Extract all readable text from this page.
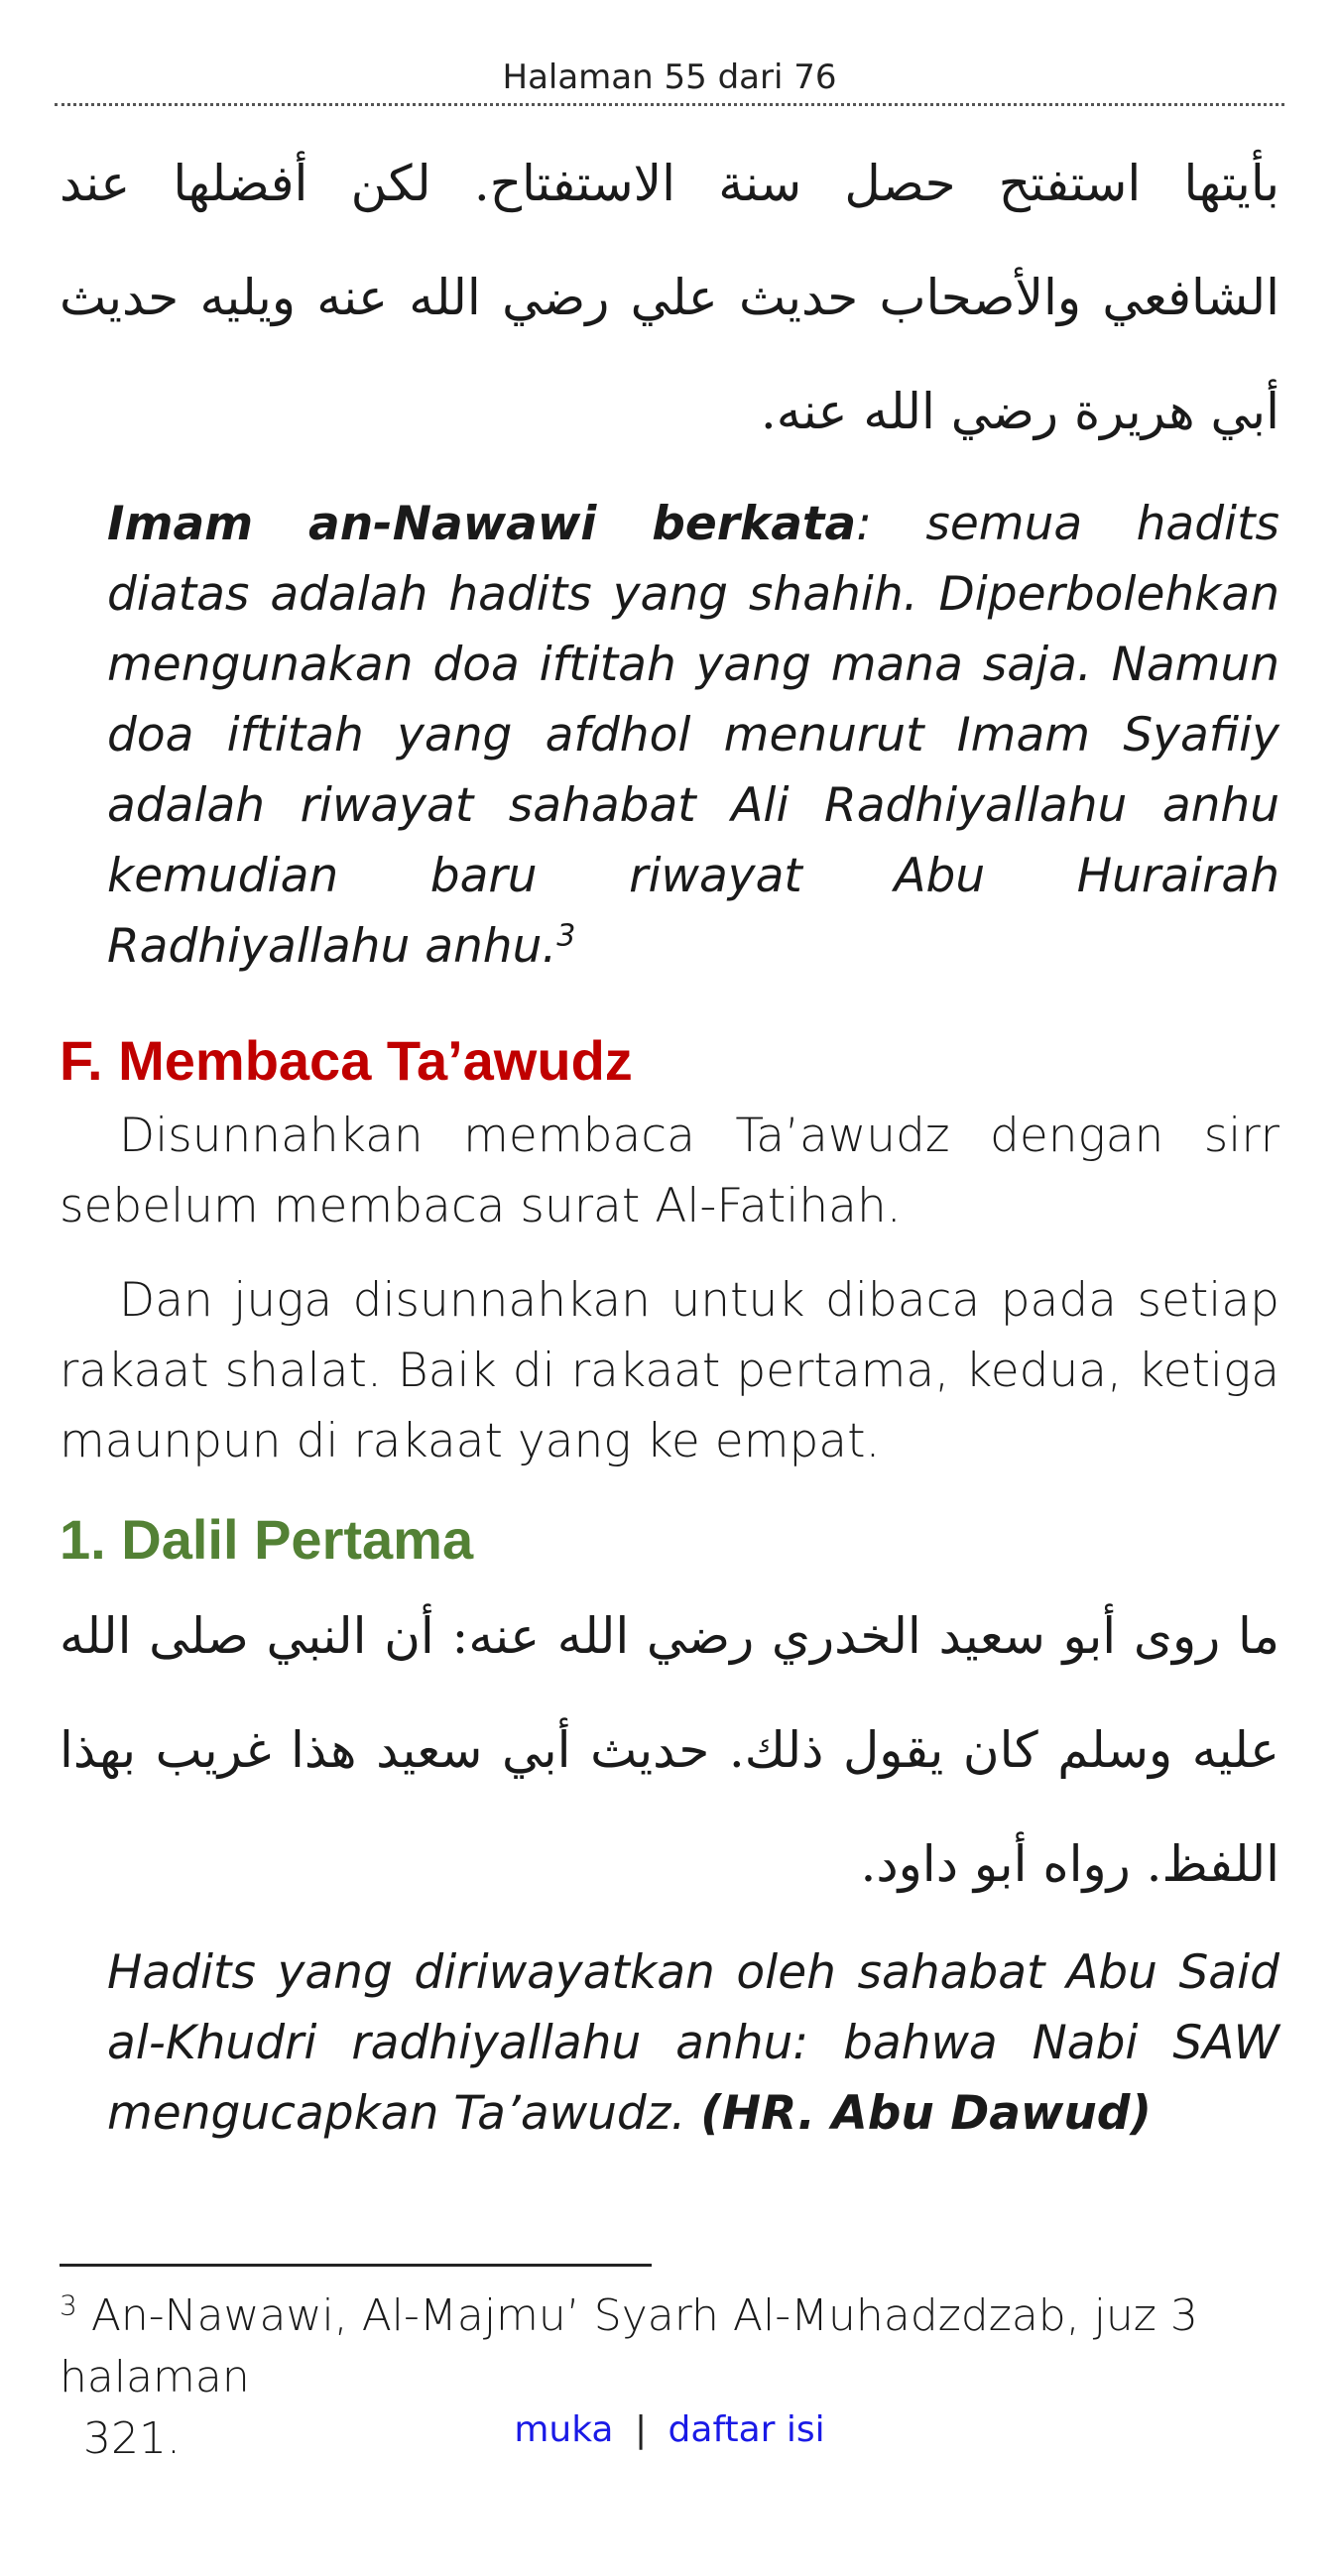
Halaman 55 dari 76

بأيتها استفتح حصل سنة الاستفتاح. لكن أفضلها عند الشافعي والأصحاب حديث علي رضي الله عنه ويليه حديث أبي هريرة رضي الله عنه.

Imam an-Nawawi berkata: semua hadits diatas adalah hadits yang shahih. Diperbolehkan mengunakan doa iftitah yang mana saja. Namun doa iftitah yang afdhol menurut Imam Syafiiy adalah riwayat sahabat Ali Radhiyallahu anhu kemudian baru riwayat Abu Hurairah Radhiyallahu anhu.$^3$
F. Membaca Ta’awudz

Disunnahkan membaca Ta’awudz dengan sirr sebelum membaca surat Al-Fatihah.

Dan juga disunnahkan untuk dibaca pada setiap rakaat shalat. Baik di rakaat pertama, kedua, ketiga maunpun di rakaat yang ke empat.

1. Dalil Pertama

ما روى أبو سعيد الخدري رضي الله عنه: أن النبي صلى الله عليه وسلم كان يقول ذلك. حديث أبي سعيد هذا غريب بهذا اللفظ. رواه أبو داود.

Hadits yang diriwayatkan oleh sahabat Abu Said al-Khudri radhiyallahu anhu: bahwa Nabi SAW mengucapkan Ta’awudz. (HR. Abu Dawud)
$^3$ An-Nawawi, Al-Majmu’ Syarh Al-Muhadzdzab, juz 3 halaman
321.	muka | daftar isi
